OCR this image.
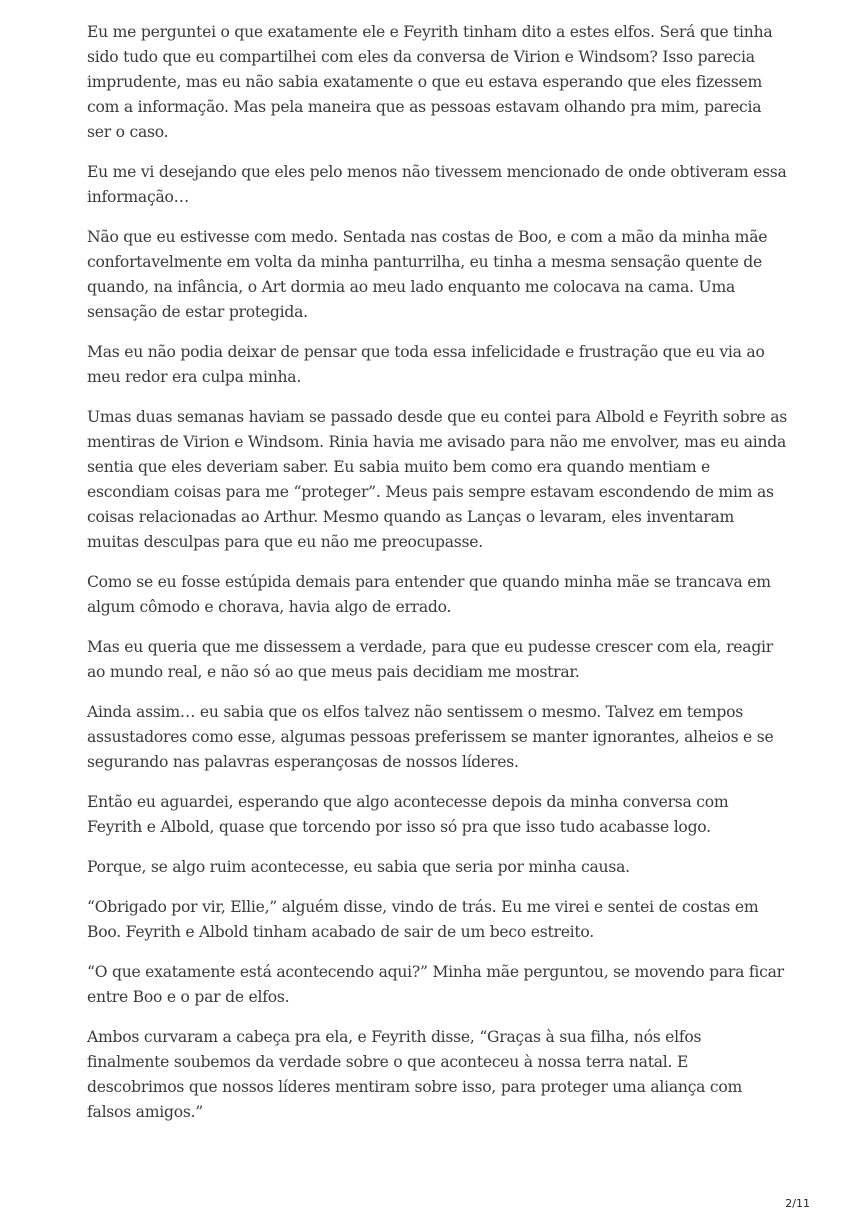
Eu me perguntei o que exatamente ele e Feyrith tinham dito a estes elfos. Será que tinha sido tudo que eu compartilhei com eles da conversa de Virion e Windsom? Isso parecia imprudente, mas eu não sabia exatamente o que eu estava esperando que eles fizessem com a informação. Mas pela maneira que as pessoas estavam olhando pra mim, parecia ser o caso.

Eu me vi desejando que eles pelo menos não tivessem mencionado de onde obtiveram essa informação…

Não que eu estivesse com medo. Sentada nas costas de Boo, e com a mão da minha mãe confortavelmente em volta da minha panturrilha, eu tinha a mesma sensação quente de quando, na infância, o Art dormia ao meu lado enquanto me colocava na cama. Uma sensação de estar protegida.

Mas eu não podia deixar de pensar que toda essa infelicidade e frustração que eu via ao meu redor era culpa minha.

Umas duas semanas haviam se passado desde que eu contei para Albold e Feyrith sobre as mentiras de Virion e Windsom. Rinia havia me avisado para não me envolver, mas eu ainda sentia que eles deveriam saber. Eu sabia muito bem como era quando mentiam e escondiam coisas para me “proteger”. Meus pais sempre estavam escondendo de mim as coisas relacionadas ao Arthur. Mesmo quando as Lanças o levaram, eles inventaram muitas desculpas para que eu não me preocupasse.

Como se eu fosse estúpida demais para entender que quando minha mãe se trancava em algum cômodo e chorava, havia algo de errado.

Mas eu queria que me dissessem a verdade, para que eu pudesse crescer com ela, reagir ao mundo real, e não só ao que meus pais decidiam me mostrar.

Ainda assim… eu sabia que os elfos talvez não sentissem o mesmo. Talvez em tempos assustadores como esse, algumas pessoas preferissem se manter ignorantes, alheios e se segurando nas palavras esperançosas de nossos líderes.

Então eu aguardei, esperando que algo acontecesse depois da minha conversa com Feyrith e Albold, quase que torcendo por isso só pra que isso tudo acabasse logo.

Porque, se algo ruim acontecesse, eu sabia que seria por minha causa.

“Obrigado por vir, Ellie,” alguém disse, vindo de trás. Eu me virei e sentei de costas em Boo. Feyrith e Albold tinham acabado de sair de um beco estreito.

“O que exatamente está acontecendo aqui?” Minha mãe perguntou, se movendo para ficar entre Boo e o par de elfos.

Ambos curvaram a cabeça pra ela, e Feyrith disse, “Graças à sua filha, nós elfos finalmente soubemos da verdade sobre o que aconteceu à nossa terra natal. E descobrimos que nossos líderes mentiram sobre isso, para proteger uma aliança com falsos amigos.”

2/11
